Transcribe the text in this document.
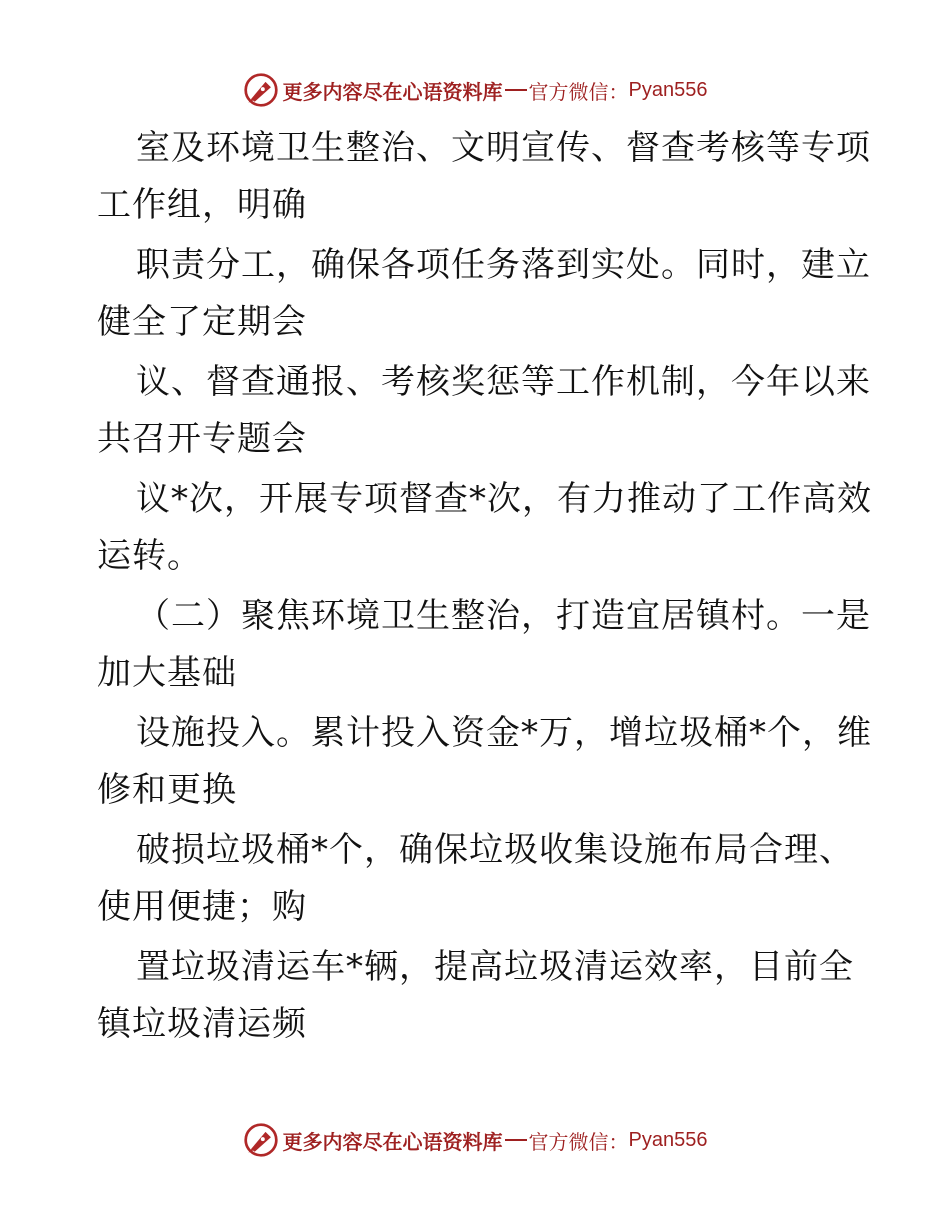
更多内容尽在心语资料库 官方微信： Pyan556
室及环境卫生整治、文明宣传、督查考核等专项
工作组，明确
职责分工，确保各项任务落到实处。同时，建立
健全了定期会
议、督查通报、考核奖惩等工作机制，今年以来
共召开专题会
议*次，开展专项督查*次，有力推动了工作高效
运转。
（二）聚焦环境卫生整治，打造宜居镇村。一是
加大基础
设施投入。累计投入资金*万，增垃圾桶*个，维
修和更换
破损垃圾桶*个，确保垃圾收集设施布局合理、
使用便捷；购
置垃圾清运车*辆，提高垃圾清运效率，目前全
镇垃圾清运频
更多内容尽在心语资料库 官方微信： Pyan556
